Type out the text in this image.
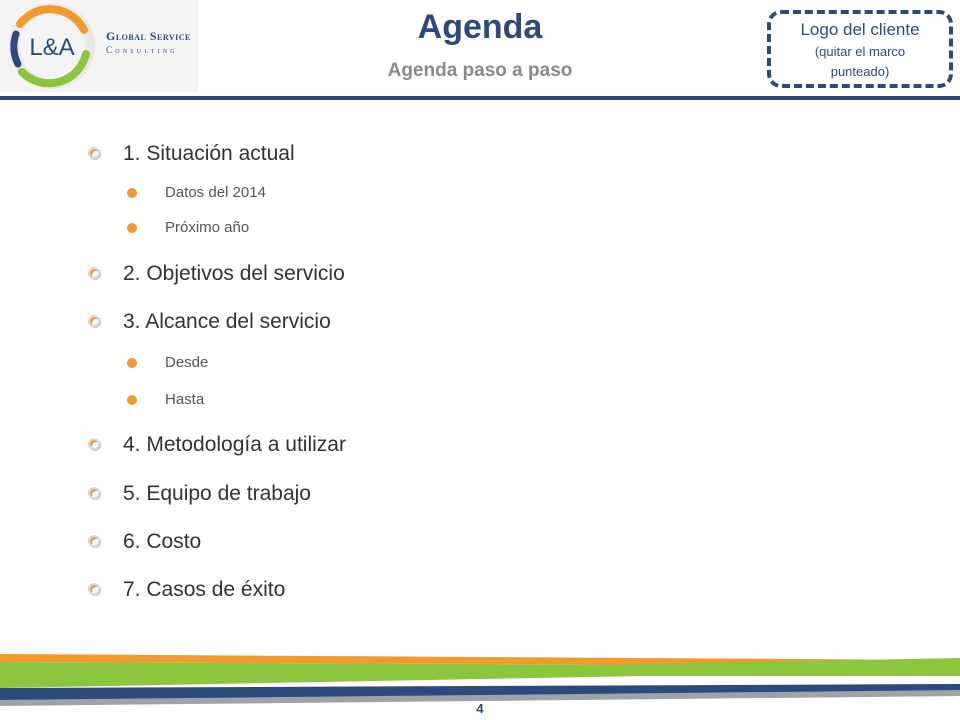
L&A	Global Service
Consulting
Agenda
Agenda paso a paso
Logo del cliente
(quitar el marco
punteado)
1. Situación actual
Datos del 2014
Próximo año
2. Objetivos del servicio
3. Alcance del servicio
Desde
Hasta
4. Metodología a utilizar
5. Equipo de trabajo
6. Costo
7. Casos de éxito
4
